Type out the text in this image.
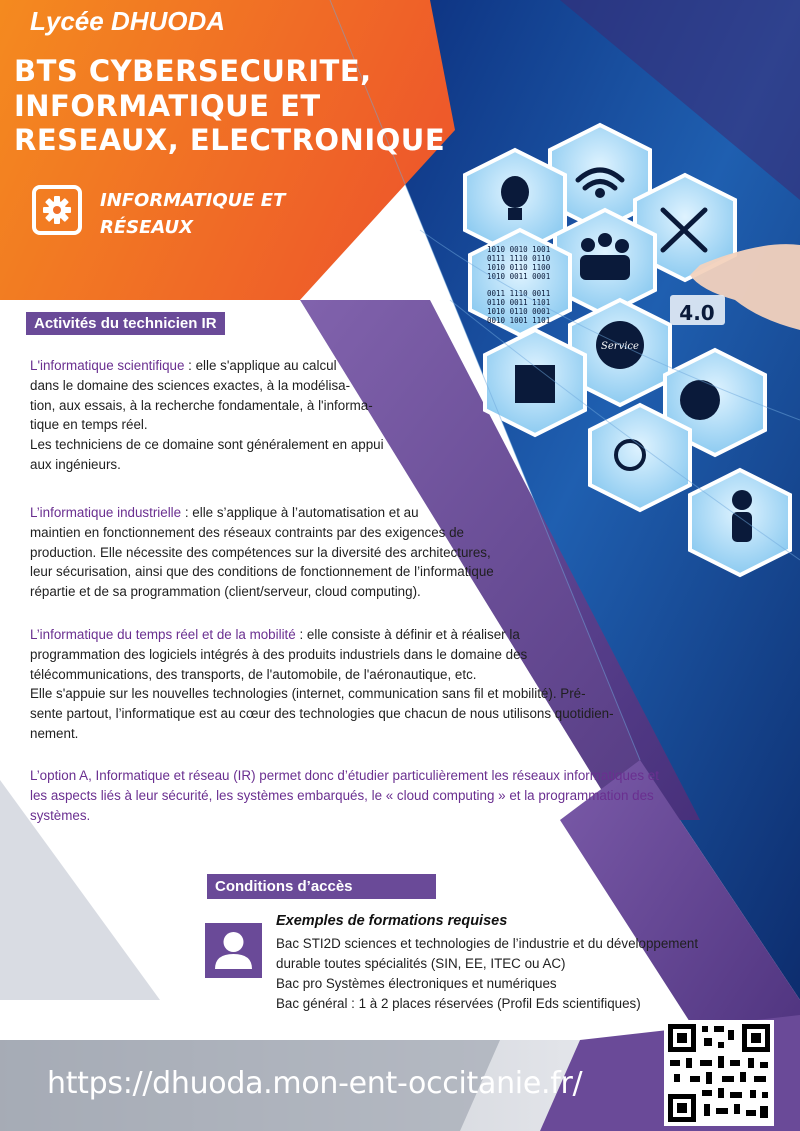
1010 0010 1001
0111 1110 0110
1010 0110 1100
1010 0011 0001
0011 1110 0011
0110 0011 1101
1010 0110 0001
0010 1001 1101
Service
4.0
Lycée DHUODA
BTS CYBERSECURITE,
INFORMATIQUE ET
RESEAUX, ELECTRONIQUE
INFORMATIQUE ET
RÉSEAUX
Activités du technicien IR
L'informatique scientifique : elle s'applique au calcul
dans le domaine des sciences exactes, à la modélisa-
tion, aux essais, à la recherche fondamentale, à l'informa-
tique en temps réel.
Les techniciens de ce domaine sont généralement en appui
aux ingénieurs.
L’informatique industrielle : elle s’applique à l’automatisation et au
maintien en fonctionnement des réseaux contraints par des exigences de
production. Elle nécessite des compétences sur la diversité des architectures,
leur sécurisation, ainsi que des conditions de fonctionnement de l’informatique
répartie et de sa programmation (client/serveur, cloud computing).
L’informatique du temps réel et de la mobilité : elle consiste à définir et à réaliser la
programmation des logiciels intégrés à des produits industriels dans le domaine des
télécommunications, des transports, de l'automobile, de l'aéronautique, etc.
Elle s'appuie sur les nouvelles technologies (internet, communication sans fil et mobilité). Pré-
sente partout, l’informatique est au cœur des technologies que chacun de nous utilisons quotidien-
nement.
L’option A, Informatique et réseau (IR) permet donc d’étudier particulièrement les réseaux informatiques et
les aspects liés à leur sécurité, les systèmes embarqués, le « cloud computing » et la programmation des
systèmes.
Conditions d’accès
Exemples de formations requises
Bac STI2D sciences et technologies de l’industrie et du développement
durable toutes spécialités (SIN, EE, ITEC ou AC)
Bac pro Systèmes électroniques et numériques
Bac général : 1 à 2 places réservées (Profil Eds scientifiques)
https://dhuoda.mon-ent-occitanie.fr/
